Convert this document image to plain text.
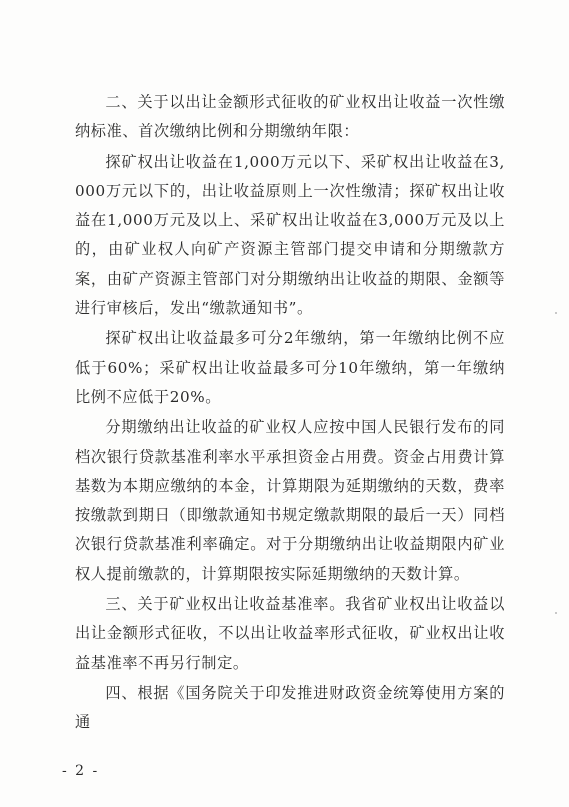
二、关于以出让金额形式征收的矿业权出让收益一次性缴纳标准、首次缴纳比例和分期缴纳年限：

探矿权出让收益在1,000万元以下、采矿权出让收益在3,000万元以下的，出让收益原则上一次性缴清；探矿权出让收益在1,000万元及以上、采矿权出让收益在3,000万元及以上的，由矿业权人向矿产资源主管部门提交申请和分期缴款方案，由矿产资源主管部门对分期缴纳出让收益的期限、金额等进行审核后，发出“缴款通知书”。

探矿权出让收益最多可分2年缴纳，第一年缴纳比例不应低于60%；采矿权出让收益最多可分10年缴纳，第一年缴纳比例不应低于20%。

分期缴纳出让收益的矿业权人应按中国人民银行发布的同档次银行贷款基准利率水平承担资金占用费。资金占用费计算基数为本期应缴纳的本金，计算期限为延期缴纳的天数，费率按缴款到期日（即缴款通知书规定缴款期限的最后一天）同档次银行贷款基准利率确定。对于分期缴纳出让收益期限内矿业权人提前缴款的，计算期限按实际延期缴纳的天数计算。

三、关于矿业权出让收益基准率。我省矿业权出让收益以出让金额形式征收，不以出让收益率形式征收，矿业权出让收益基准率不再另行制定。

四、根据《国务院关于印发推进财政资金统筹使用方案的通

- 2 -
